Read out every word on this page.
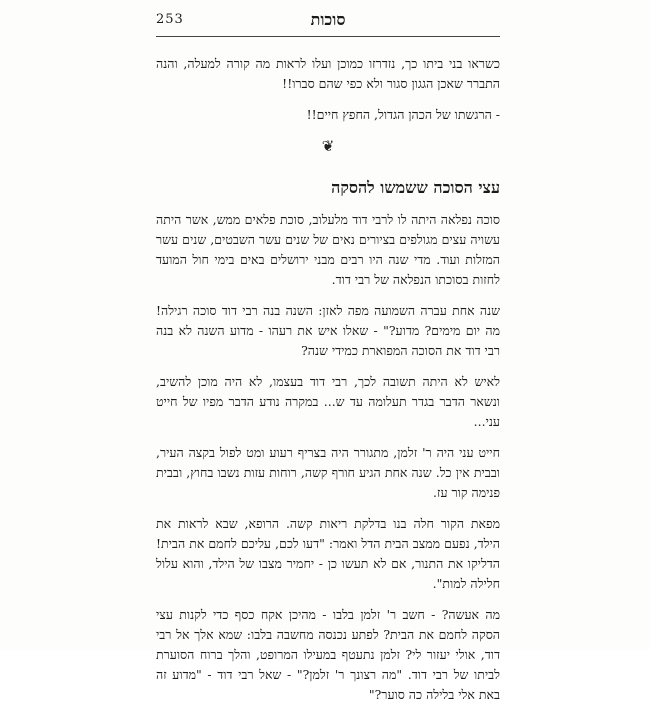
253	סוכות

כשראו בני ביתו כך, נזדרזו כמוכן ועלו לראות מה קורה למעלה, והנה התברר שאכן הגגון סגור ולא כפי שהם סברו!!

- הרגשתו של הכהן הגדול, החפץ חיים!!

❦
עצי הסוכה ששמשו להסקה

סוכה נפלאה היתה לו לרבי דוד מלעלוב, סוכת פלאים ממש, אשר היתה עשויה עצים מגולפים בציורים נאים של שנים עשר השבטים, שנים עשר המזלות ועוד. מדי שנה היו רבים מבני ירושלים באים בימי חול המועד לחזות בסוכתו הנפלאה של רבי דוד.

שנה אחת עברה השמועה מפה לאזן: השנה בנה רבי דוד סוכה רגילה! מה יום מימים? מדוע?" - שאלו איש את רעהו - מדוע השנה לא בנה רבי דוד את הסוכה המפוארת כמידי שנה?

לאיש לא היתה תשובה לכך, רבי דוד בעצמו, לא היה מוכן להשיב, ונשאר הדבר בגדר תעלומה עד ש... במקרה נודע הדבר מפיו של חייט עני...

חייט עני היה ר' זלמן, מתגורר היה בצריף רעוע ומט לפול בקצה העיר, ובבית אין כל. שנה אחת הגיע חורף קשה, רוחות עזות נשבו בחוץ, ובבית פנימה קור עז.

מפאת הקור חלה בנו בדלקת ריאות קשה. הרופא, שבא לראות את הילד, נפעם ממצב הבית הדל ואמר: "דעו לכם, עליכם לחמם את הבית! הדליקו את התנור, אם לא תעשו כן - יחמיר מצבו של הילד, והוא עלול חלילה למות".

מה אעשה? - חשב ר' זלמן בלבו - מהיכן אקח כסף כדי לקנות עצי הסקה לחמם את הבית? לפתע נכנסה מחשבה בלבו: שמא אלך אל רבי דוד, אולי יעזור לי? זלמן נתעטף במעילו המרופט, והלך ברוח הסוערת לביתו של רבי דוד. "מה רצונך ר' זלמן?" - שאל רבי דוד - "מדוע זה באת אלי בלילה כה סוער?"
